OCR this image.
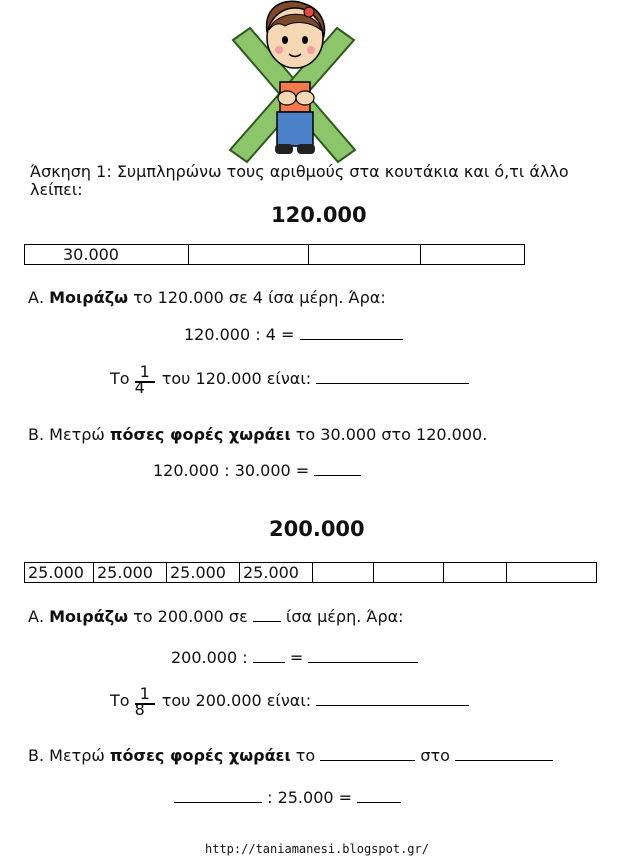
Άσκηση 1: Συμπληρώνω τους αριθμούς στα κουτάκια και ό,τι άλλο λείπει:
120.000
30.000			
Α. Μοιράζω το 120.000 σε 4 ίσα μέρη. Άρα:
120.000 : 4 =
Το $\frac{1}{4}$ του 120.000 είναι:
Β. Μετρώ πόσες φορές χωράει το 30.000 στο 120.000.
120.000 : 30.000 =
200.000
25.000	25.000	25.000	25.000				
Α. Μοιράζω το 200.000 σε ίσα μέρη. Άρα:
200.000 :	=
Το $\frac{1}{8}$ του 200.000 είναι:
Β. Μετρώ πόσες φορές χωράει το	στο
: 25.000 =
http://taniamanesi.blogspot.gr/
